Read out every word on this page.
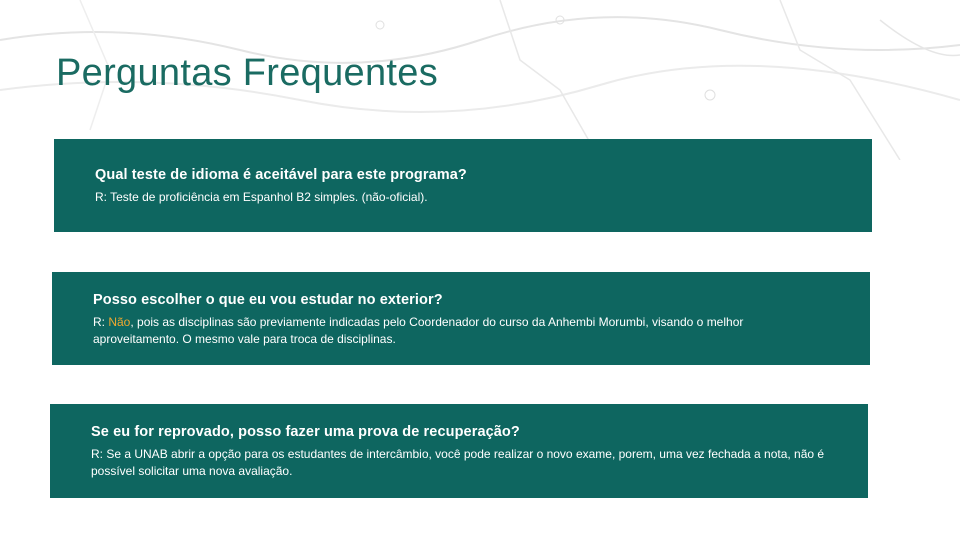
Perguntas Frequentes

Qual teste de idioma é aceitável para este programa?

R: Teste de proficiência em Espanhol B2 simples. (não-oficial).

Posso escolher o que eu vou estudar no exterior?

R: Não, pois as disciplinas são previamente indicadas pelo Coordenador do curso da Anhembi Morumbi, visando o melhor aproveitamento. O mesmo vale para troca de disciplinas.

Se eu for reprovado, posso fazer uma prova de recuperação?

R: Se a UNAB abrir a opção para os estudantes de intercâmbio, você pode realizar o novo exame, porem, uma vez fechada a nota, não é possível solicitar uma nova avaliação.
